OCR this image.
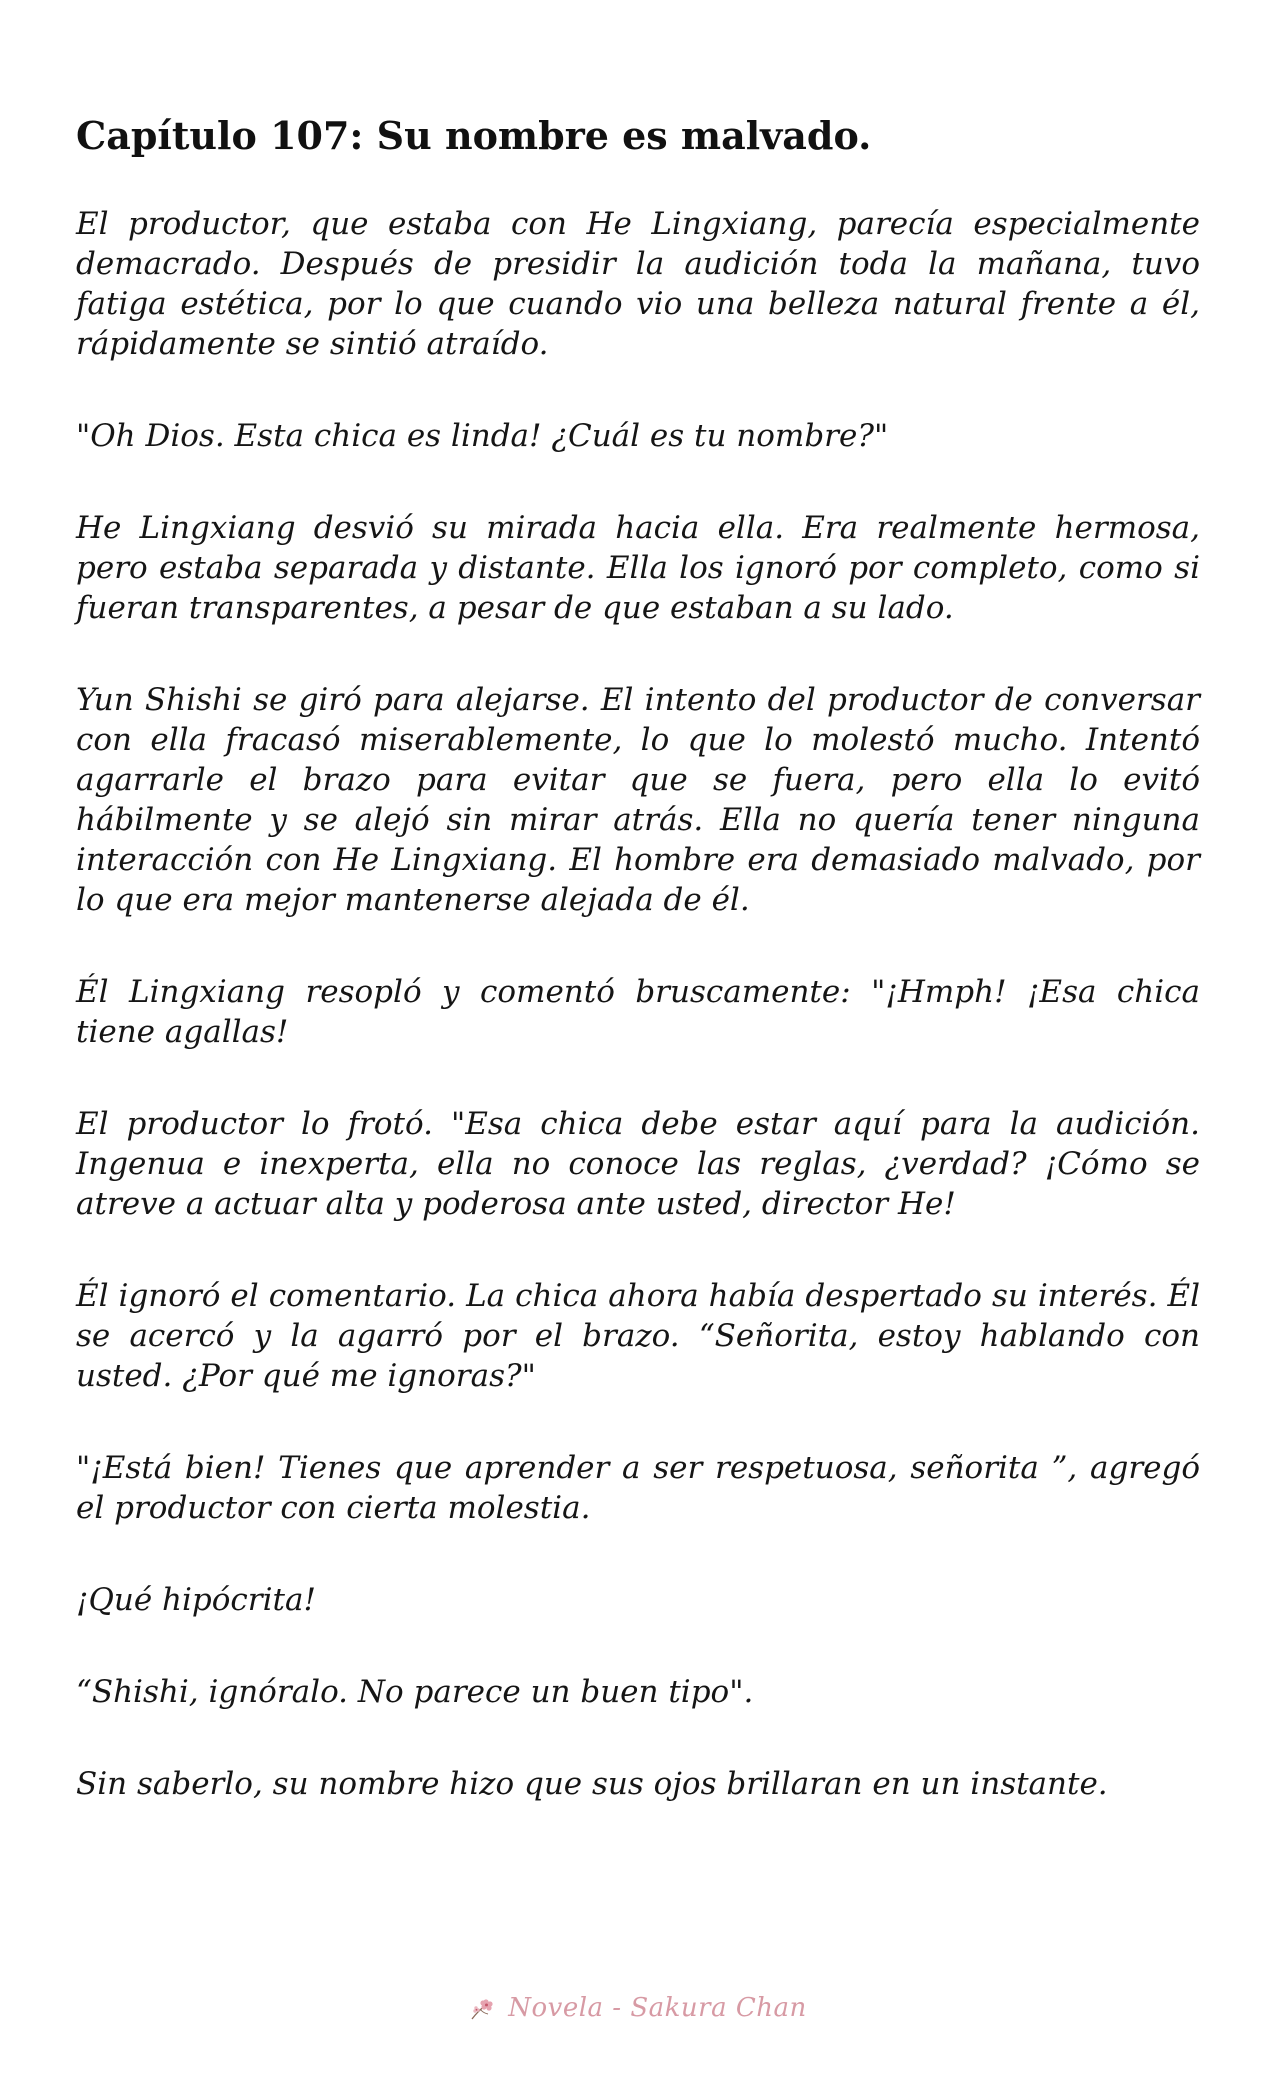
Capítulo 107: Su nombre es malvado.

El productor, que estaba con He Lingxiang, parecía especialmente demacrado. Después de presidir la audición toda la mañana, tuvo fatiga estética, por lo que cuando vio una belleza natural frente a él, rápidamente se sintió atraído.

"Oh Dios. Esta chica es linda! ¿Cuál es tu nombre?"

He Lingxiang desvió su mirada hacia ella. Era realmente hermosa, pero estaba separada y distante. Ella los ignoró por completo, como si fueran transparentes, a pesar de que estaban a su lado.

Yun Shishi se giró para alejarse. El intento del productor de conversar con ella fracasó miserablemente, lo que lo molestó mucho. Intentó agarrarle el brazo para evitar que se fuera, pero ella lo evitó hábilmente y se alejó sin mirar atrás. Ella no quería tener ninguna interacción con He Lingxiang. El hombre era demasiado malvado, por lo que era mejor mantenerse alejada de él.

Él Lingxiang resopló y comentó bruscamente: "¡Hmph! ¡Esa chica tiene agallas!

El productor lo frotó. "Esa chica debe estar aquí para la audición. Ingenua e inexperta, ella no conoce las reglas, ¿verdad? ¡Cómo se atreve a actuar alta y poderosa ante usted, director He!

Él ignoró el comentario. La chica ahora había despertado su interés. Él se acercó y la agarró por el brazo. “Señorita, estoy hablando con usted. ¿Por qué me ignoras?"

"¡Está bien! Tienes que aprender a ser respetuosa, señorita ”, agregó el productor con cierta molestia.

¡Qué hipócrita!

“Shishi, ignóralo. No parece un buen tipo".

Sin saberlo, su nombre hizo que sus ojos brillaran en un instante.

Novela - Sakura Chan
